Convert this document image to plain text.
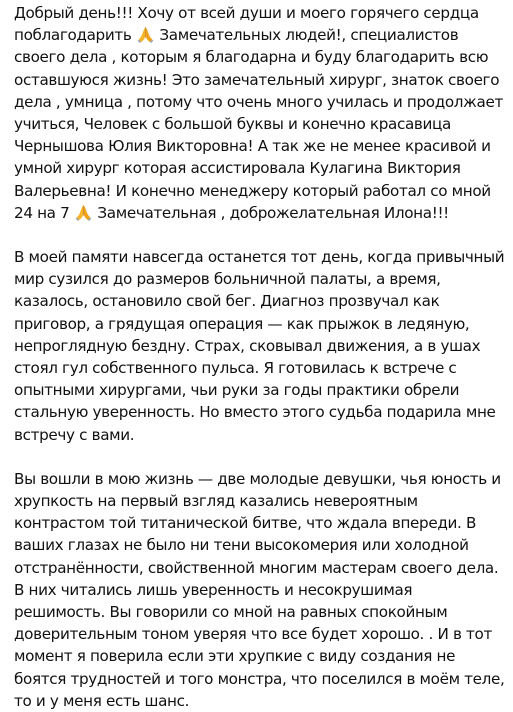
Добрый день!!! Хочу от всей души и моего горячего сердца поблагодарить
Замечательных людей!, специалистов своего дела , которым я благодарна и буду благодарить всю оставшуюся жизнь! Это замечательный хирург, знаток своего дела , умница , потому что очень много училась и продолжает учиться, Человек с большой буквы и конечно красавица Чернышова Юлия Викторовна! А так же не менее красивой и умной хирург которая ассистировала Кулагина Виктория Валерьевна! И конечно менеджеру который работал со мной 24 на 7
Замечательная , доброжелательная Илона!!!

В моей памяти навсегда останется тот день, когда привычный мир сузился до размеров больничной палаты, а время, казалось, остановило свой бег. Диагноз прозвучал как приговор, а грядущая операция — как прыжок в ледяную, непроглядную бездну. Страх, сковывал движения, а в ушах стоял гул собственного пульса. Я готовилась к встрече с опытными хирургами, чьи руки за годы практики обрели стальную уверенность. Но вместо этого судьба подарила мне встречу с вами.

Вы вошли в мою жизнь — две молодые девушки, чья юность и хрупкость на первый взгляд казались невероятным контрастом той титанической битве, что ждала впереди. В ваших глазах не было ни тени высокомерия или холодной отстранённости, свойственной многим мастерам своего дела. В них читались лишь уверенность и несокрушимая решимость. Вы говорили со мной на равных спокойным доверительным тоном уверяя что все будет хорошо. . И в тот момент я поверила если эти хрупкие с виду создания не боятся трудностей и того монстра, что поселился в моём теле, то и у меня есть шанс.
